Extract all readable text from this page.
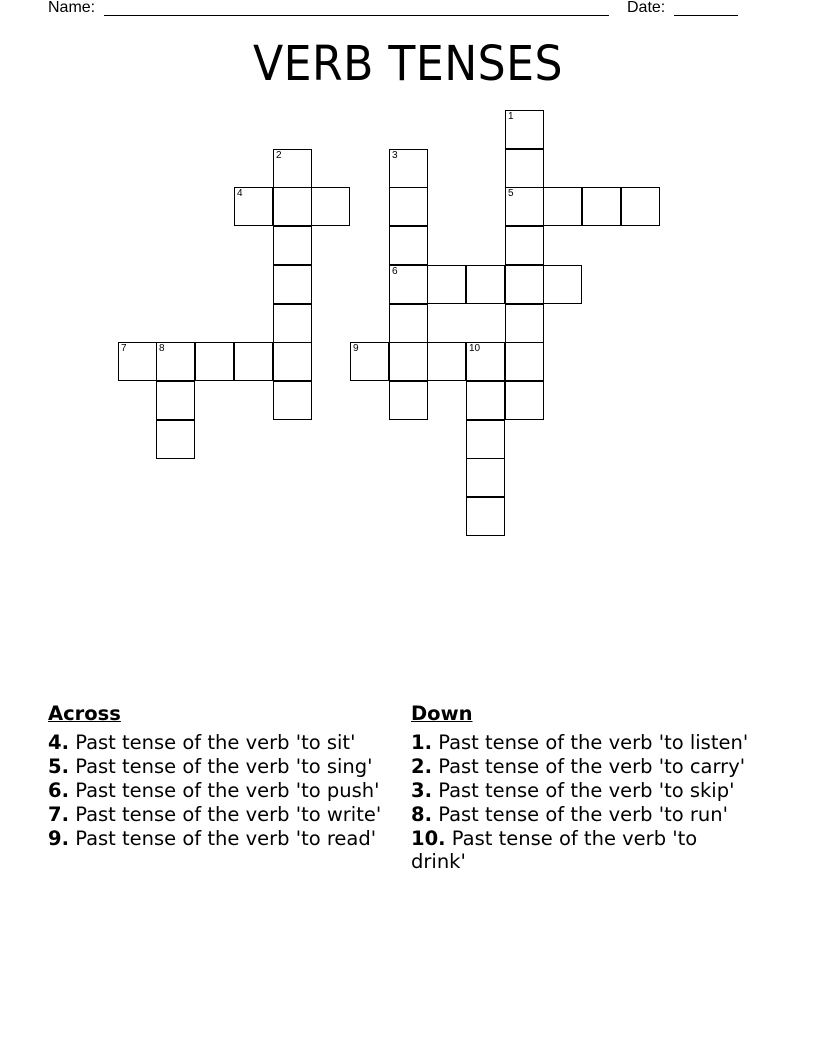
Name:	Date:
VERB TENSES
1
5
4
2
7	8
3
6
9	10
Across
4. Past tense of the verb 'to sit'
5. Past tense of the verb 'to sing'
6. Past tense of the verb 'to push'
7. Past tense of the verb 'to write'
9. Past tense of the verb 'to read'
Down
1. Past tense of the verb 'to listen'
2. Past tense of the verb 'to carry'
3. Past tense of the verb 'to skip'
8. Past tense of the verb 'to run'
10. Past tense of the verb 'to drink'
